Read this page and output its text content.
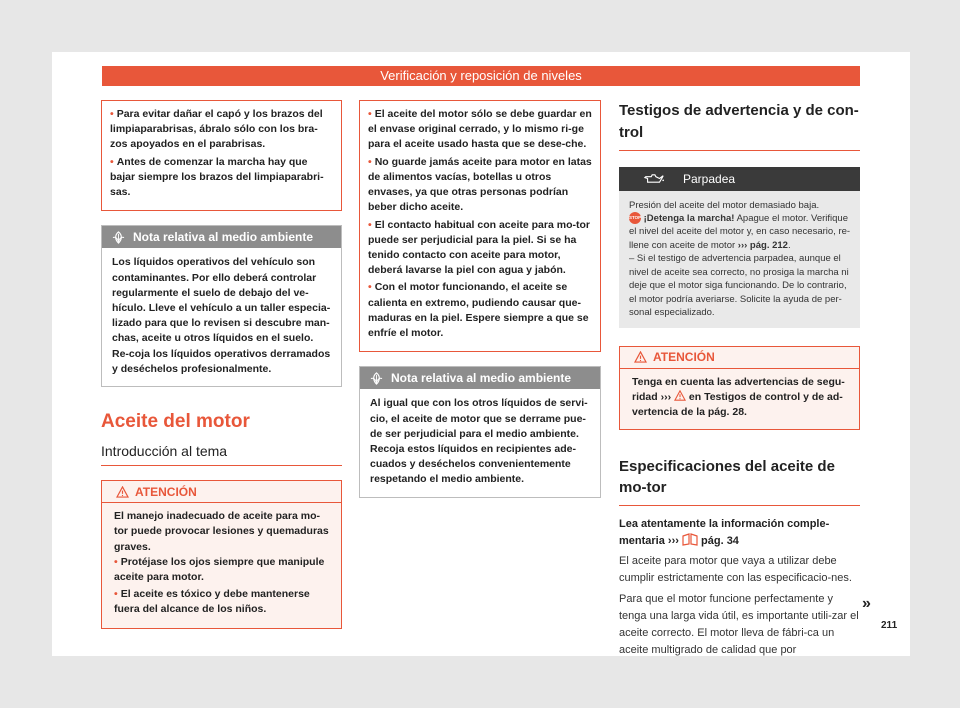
Verificación y reposición de niveles

• Para evitar dañar el capó y los brazos del limpiaparabrisas, ábralo sólo con los bra-zos apoyados en el parabrisas.

• Antes de comenzar la marcha hay que bajar siempre los brazos del limpiaparabri-sas.

Nota relativa al medio ambiente
Los líquidos operativos del vehículo son contaminantes. Por ello deberá controlar regularmente el suelo de debajo del ve-hículo. Lleve el vehículo a un taller especia-lizado para que lo revisen si descubre man-chas, aceite u otros líquidos en el suelo. Re-coja los líquidos operativos derramados y deséchelos profesionalmente.
Aceite del motor
Introducción al tema
ATENCIÓN

El manejo inadecuado de aceite para mo-tor puede provocar lesiones y quemaduras graves.

• Protéjase los ojos siempre que manipule aceite para motor.

• El aceite es tóxico y debe mantenerse fuera del alcance de los niños.

• El aceite del motor sólo se debe guardar en el envase original cerrado, y lo mismo ri-ge para el aceite usado hasta que se dese-che.

• No guarde jamás aceite para motor en latas de alimentos vacías, botellas u otros envases, ya que otras personas podrían beber dicho aceite.

• El contacto habitual con aceite para mo-tor puede ser perjudicial para la piel. Si se ha tenido contacto con aceite para motor, deberá lavarse la piel con agua y jabón.

• Con el motor funcionando, el aceite se calienta en extremo, pudiendo causar que-maduras en la piel. Espere siempre a que se enfríe el motor.

Nota relativa al medio ambiente
Al igual que con los otros líquidos de servi-cio, el aceite de motor que se derrame pue-de ser perjudicial para el medio ambiente. Recoja estos líquidos en recipientes ade-cuados y deséchelos convenientemente respetando el medio ambiente.
Testigos de advertencia y de con-trol
Parpadea
Presión del aceite del motor demasiado baja.
STOP ¡Detenga la marcha! Apague el motor. Verifique el nivel del aceite del motor y, en caso necesario, re-llene con aceite de motor ››› pág. 212.
– Si el testigo de advertencia parpadea, aunque el nivel de aceite sea correcto, no prosiga la marcha ni deje que el motor siga funcionando. De lo contrario, el motor podría averiarse. Solicite la ayuda de per-sonal especializado.
ATENCIÓN
Tenga en cuenta las advertencias de segu-ridad ›››
en Testigos de control y de ad-vertencia de la pág. 28.
Especificaciones del aceite de mo-tor

Lea atentamente la información comple-mentaria ›››
pág. 34

El aceite para motor que vaya a utilizar debe cumplir estrictamente con las especificacio-nes.

Para que el motor funcione perfectamente y tenga una larga vida útil, es importante utili-zar el aceite correcto. El motor lleva de fábri-ca un aceite multigrado de calidad que por

»
211
